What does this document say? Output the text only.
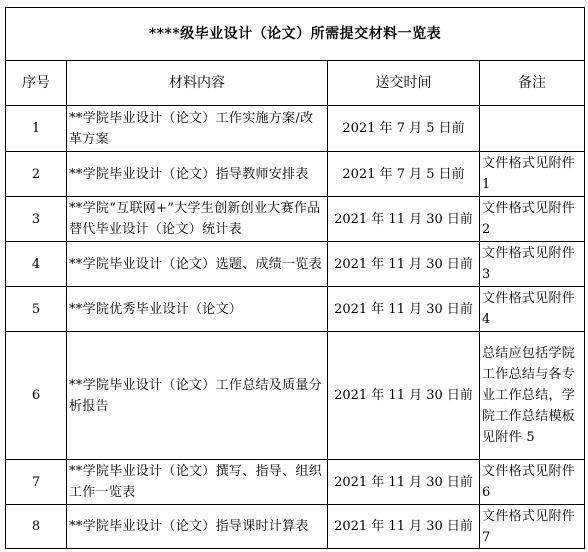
****级毕业设计（论文）所需提交材料一览表			
序号	材料内容	送交时间	备注
1	**学院毕业设计（论文）工作实施方案/改革方案	2021 年 7 月 5 日前	
2	**学院毕业设计（论文）指导教师安排表	2021 年 7 月 5 日前	文件格式见附件 1
3	**学院“互联网+”大学生创新创业大赛作品替代毕业设计（论文）统计表	2021 年 11 月 30 日前	文件格式见附件 2
4	**学院毕业设计（论文）选题、成绩一览表	2021 年 11 月 30 日前	文件格式见附件 3
5	**学院优秀毕业设计（论文）	2021 年 11 月 30 日前	文件格式见附件 4
6	**学院毕业设计（论文）工作总结及质量分析报告	2021 年 11 月 30 日前	总结应包括学院工作总结与各专业工作总结，学院工作总结模板见附件 5
7	**学院毕业设计（论文）撰写、指导、组织工作一览表	2021 年 11 月 30 日前	文件格式见附件 6
8	**学院毕业设计（论文）指导课时计算表	2021 年 11 月 30 日前	文件格式见附件 7
